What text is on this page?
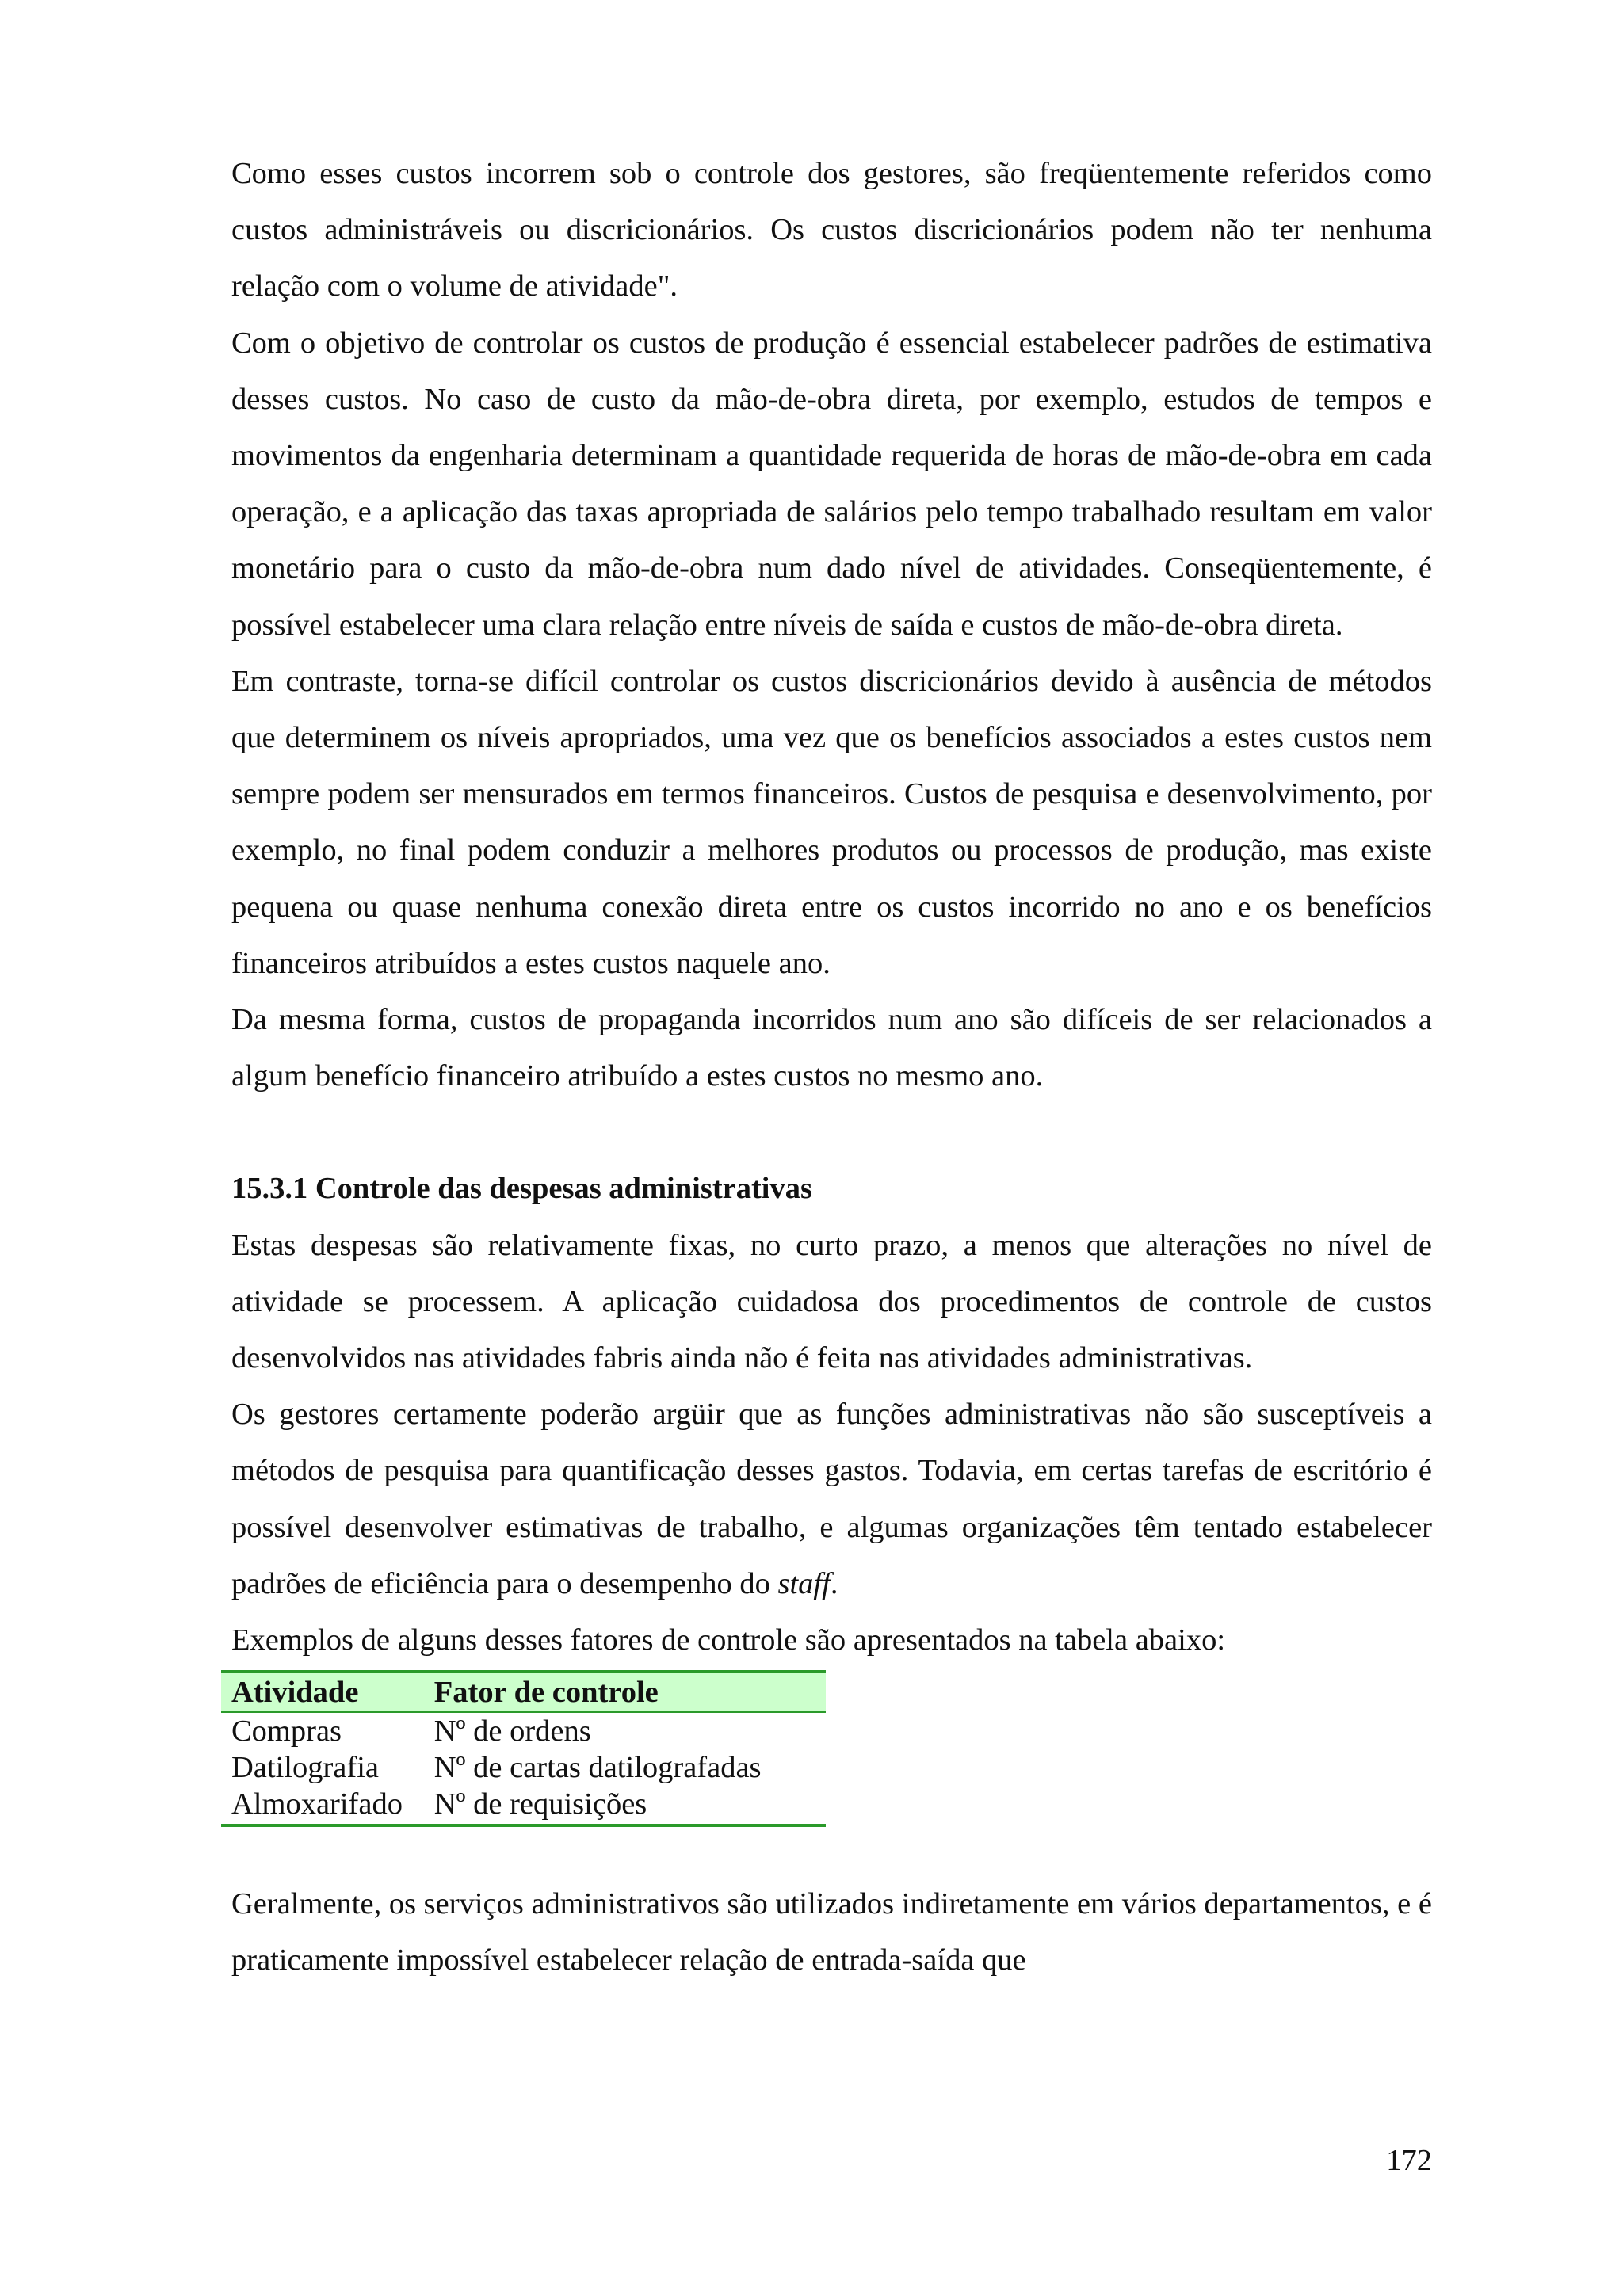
Como esses custos incorrem sob o controle dos gestores, são freqüentemente referidos como custos administráveis ou discricionários. Os custos discricionários podem não ter nenhuma relação com o volume de atividade".

Com o objetivo de controlar os custos de produção é essencial estabelecer padrões de estimativa desses custos. No caso de custo da mão-de-obra direta, por exemplo, estudos de tempos e movimentos da engenharia determinam a quantidade requerida de horas de mão-de-obra em cada operação, e a aplicação das taxas apropriada de salários pelo tempo trabalhado resultam em valor monetário para o custo da mão-de-obra num dado nível de atividades. Conseqüentemente, é possível estabelecer uma clara relação entre níveis de saída e custos de mão-de-obra direta.

Em contraste, torna-se difícil controlar os custos discricionários devido à ausência de métodos que determinem os níveis apropriados, uma vez que os benefícios associados a estes custos nem sempre podem ser mensurados em termos financeiros. Custos de pesquisa e desenvolvimento, por exemplo, no final podem conduzir a melhores produtos ou processos de produção, mas existe pequena ou quase nenhuma conexão direta entre os custos incorrido no ano e os benefícios financeiros atribuídos a estes custos naquele ano.

Da mesma forma, custos de propaganda incorridos num ano são difíceis de ser relacionados a algum benefício financeiro atribuído a estes custos no mesmo ano.

15.3.1 Controle das despesas administrativas

Estas despesas são relativamente fixas, no curto prazo, a menos que alterações no nível de atividade se processem. A aplicação cuidadosa dos procedimentos de controle de custos desenvolvidos nas atividades fabris ainda não é feita nas atividades administrativas.

Os gestores certamente poderão argüir que as funções administrativas não são susceptíveis a métodos de pesquisa para quantificação desses gastos. Todavia, em certas tarefas de escritório é possível desenvolver estimativas de trabalho, e algumas organizações têm tentado estabelecer padrões de eficiência para o desempenho do staff.

Exemplos de alguns desses fatores de controle são apresentados na tabela abaixo:

Atividade	Fator de controle
Compras	Nº de ordens
Datilografia	Nº de cartas datilografadas
Almoxarifado	Nº de requisições

Geralmente, os serviços administrativos são utilizados indiretamente em vários departamentos, e é praticamente impossível estabelecer relação de entrada-saída que

172
